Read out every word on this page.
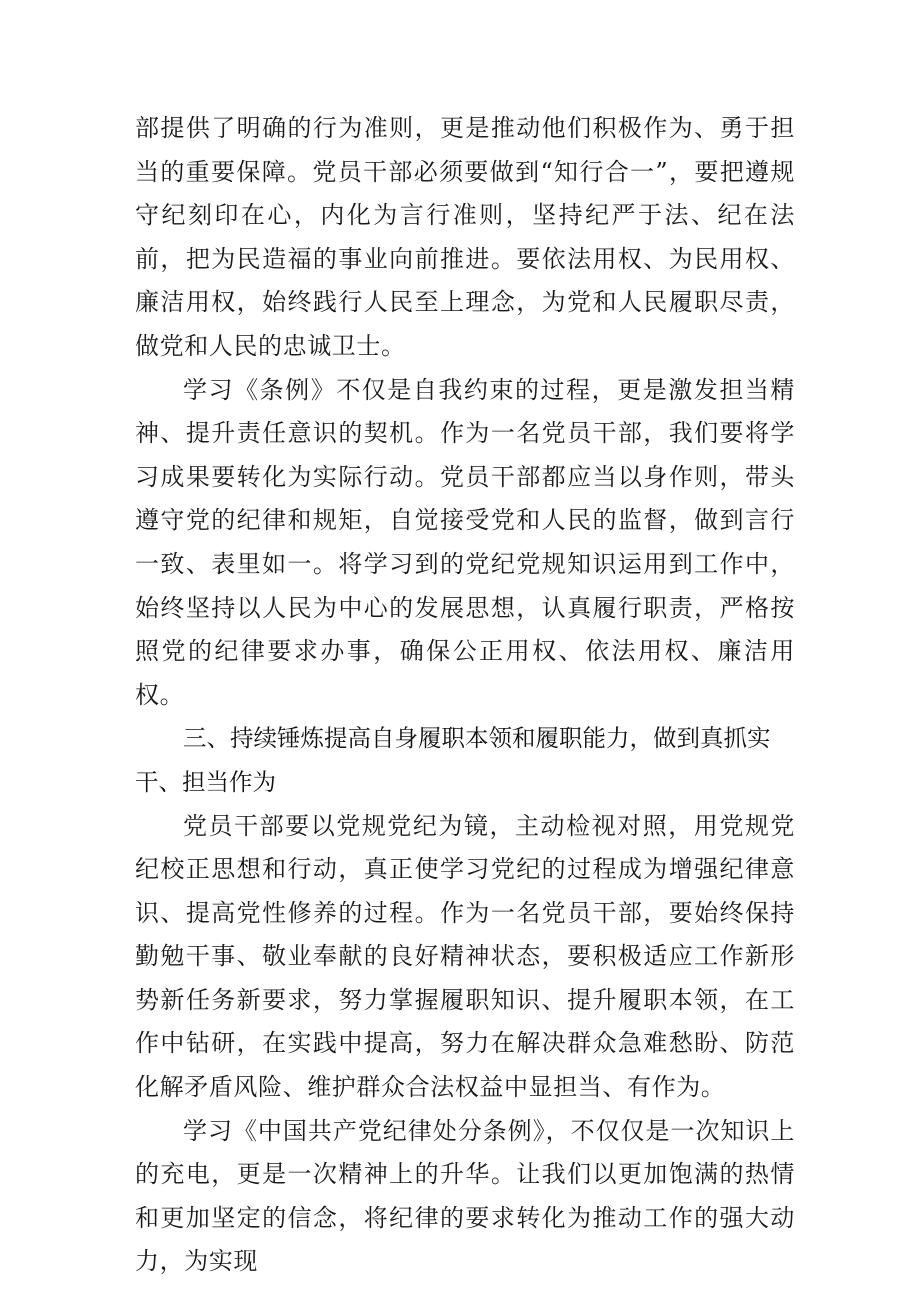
部提供了明确的行为准则，更是推动他们积极作为、勇于担当的重要保障。党员干部必须要做到“知行合一”，要把遵规守纪刻印在心，内化为言行准则，坚持纪严于法、纪在法前，把为民造福的事业向前推进。要依法用权、为民用权、廉洁用权，始终践行人民至上理念，为党和人民履职尽责，做党和人民的忠诚卫士。

学习《条例》不仅是自我约束的过程，更是激发担当精神、提升责任意识的契机。作为一名党员干部，我们要将学习成果要转化为实际行动。党员干部都应当以身作则，带头遵守党的纪律和规矩，自觉接受党和人民的监督，做到言行一致、表里如一。将学习到的党纪党规知识运用到工作中，始终坚持以人民为中心的发展思想，认真履行职责，严格按照党的纪律要求办事，确保公正用权、依法用权、廉洁用权。

三、持续锤炼提高自身履职本领和履职能力，做到真抓实干、担当作为

党员干部要以党规党纪为镜，主动检视对照，用党规党纪校正思想和行动，真正使学习党纪的过程成为增强纪律意识、提高党性修养的过程。作为一名党员干部，要始终保持勤勉干事、敬业奉献的良好精神状态，要积极适应工作新形势新任务新要求，努力掌握履职知识、提升履职本领，在工作中钻研，在实践中提高，努力在解决群众急难愁盼、防范化解矛盾风险、维护群众合法权益中显担当、有作为。

学习《中国共产党纪律处分条例》，不仅仅是一次知识上的充电，更是一次精神上的升华。让我们以更加饱满的热情和更加坚定的信念，将纪律的要求转化为推动工作的强大动力，为实现
